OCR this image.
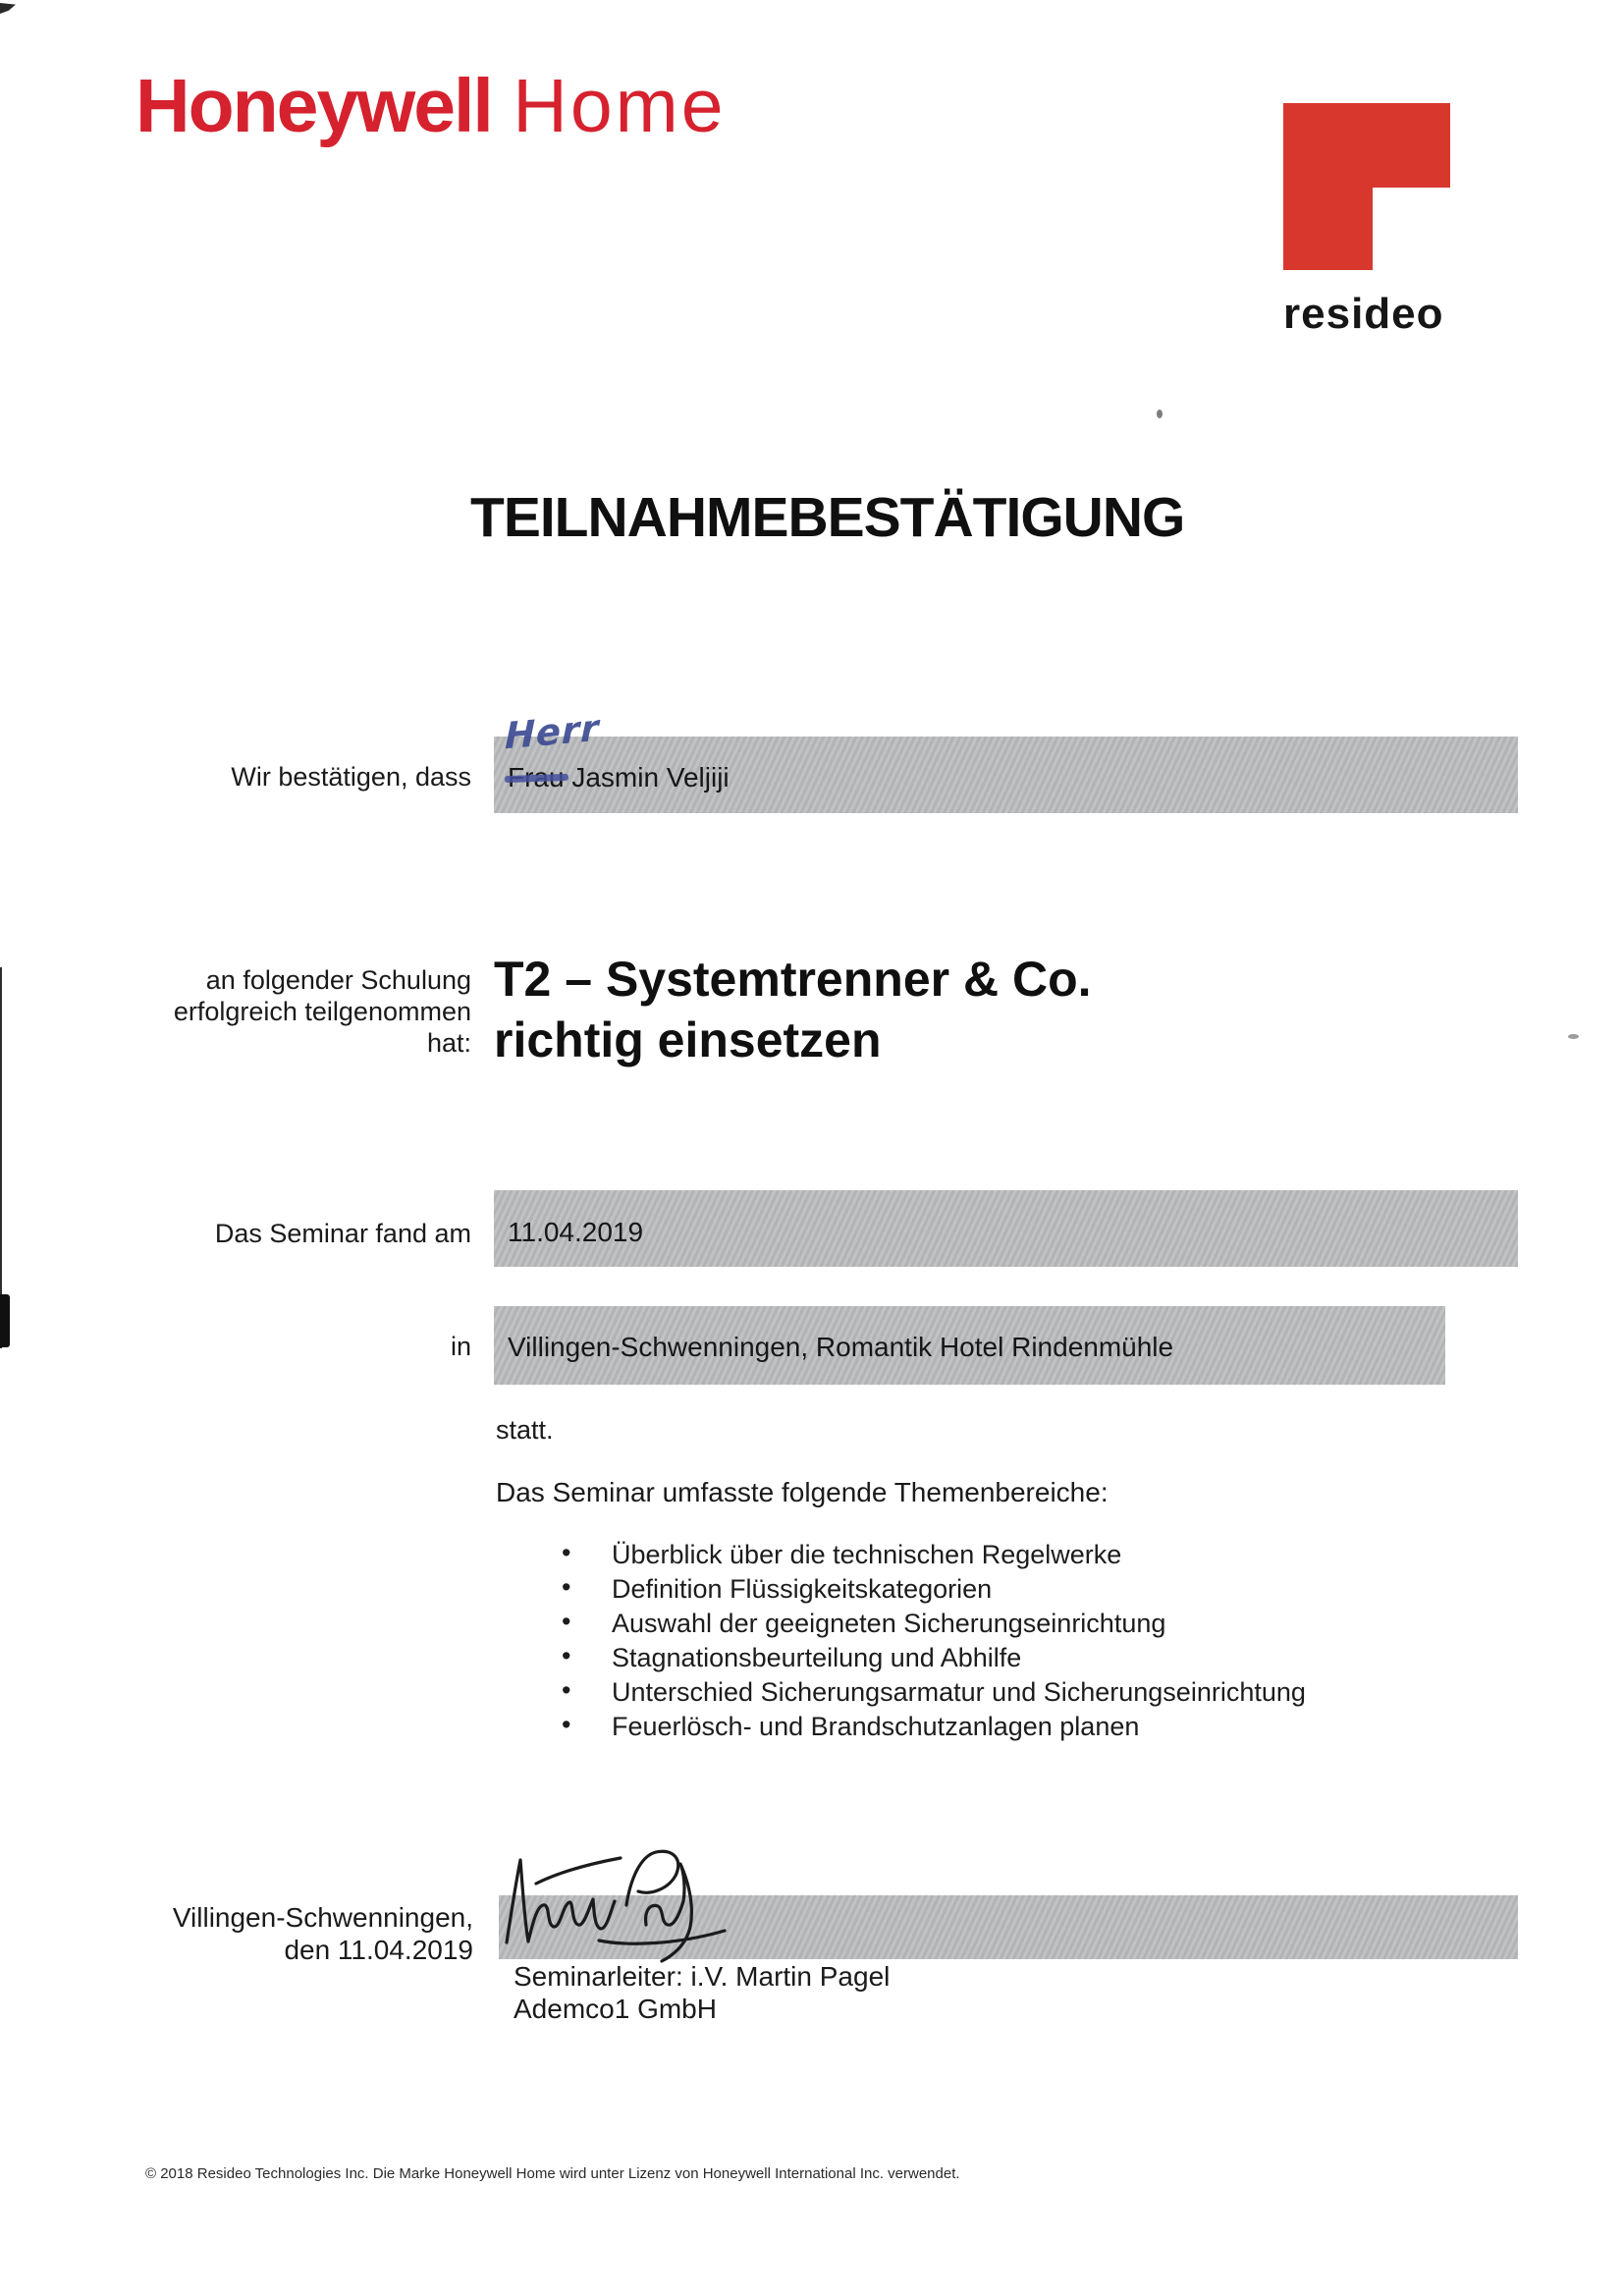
Honeywell Home
resideo
TEILNAHMEBESTÄTIGUNG
Wir bestätigen, dass	Jasmin Veljiji
Herr
an folgender Schulung
erfolgreich teilgenommen
hat:
T2 – Systemtrenner & Co.
richtig einsetzen
Das Seminar fand am 11.04.2019
in Villingen-Schwenningen, Romantik Hotel Rindenmühle
statt.
Das Seminar umfasste folgende Themenbereiche:
• Überblick über die technischen Regelwerke
• Definition Flüssigkeitskategorien
• Auswahl der geeigneten Sicherungseinrichtung
• Stagnationsbeurteilung und Abhilfe
• Unterschied Sicherungsarmatur und Sicherungseinrichtung
• Feuerlösch- und Brandschutzanlagen planen
Villingen-Schwenningen,
den 11.04.2019
Seminarleiter: i.V. Martin Pagel
Ademco1 GmbH
© 2018 Resideo Technologies Inc. Die Marke Honeywell Home wird unter Lizenz von Honeywell International Inc. verwendet.
